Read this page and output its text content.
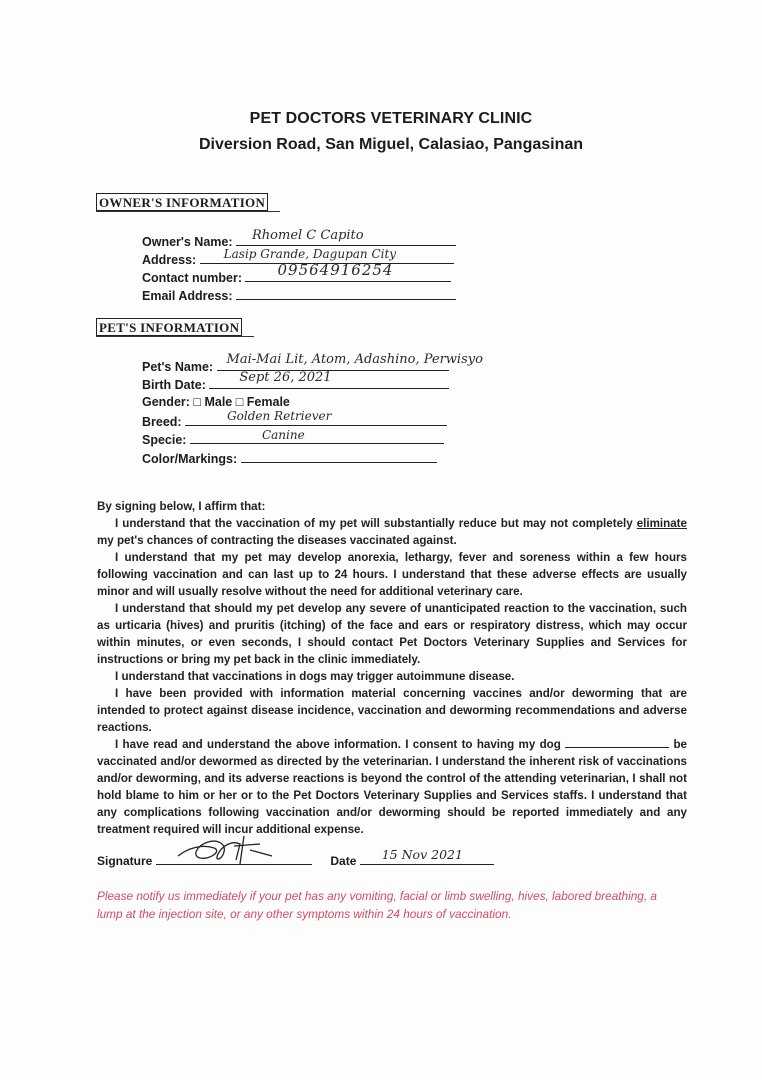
PET DOCTORS VETERINARY CLINIC
Diversion Road, San Miguel, Calasiao, Pangasinan
OWNER'S INFORMATION
Owner's Name: Rhomel C Capito
Address: Lasip Grande, Dagupan City
Contact number: 09564916254
Email Address:
PET'S INFORMATION
Pet's Name: Mai-Mai Lit, Atom, Adashino, Perwisyo
Birth Date:	Sept 26, 2021
Gender: □ Male □ Female
Breed:	Golden Retriever
Specie:	Canine
Color/Markings:

By signing below, I affirm that:

I understand that the vaccination of my pet will substantially reduce but may not completely eliminate my pet's chances of contracting the diseases vaccinated against.

I understand that my pet may develop anorexia, lethargy, fever and soreness within a few hours following vaccination and can last up to 24 hours. I understand that these adverse effects are usually minor and will usually resolve without the need for additional veterinary care.

I understand that should my pet develop any severe of unanticipated reaction to the vaccination, such as urticaria (hives) and pruritis (itching) of the face and ears or respiratory distress, which may occur within minutes, or even seconds, I should contact Pet Doctors Veterinary Supplies and Services for instructions or bring my pet back in the clinic immediately.

I understand that vaccinations in dogs may trigger autoimmune disease.

I have been provided with information material concerning vaccines and/or deworming that are intended to protect against disease incidence, vaccination and deworming recommendations and adverse reactions.

I have read and understand the above information. I consent to having my dog	be vaccinated and/or dewormed as directed by the veterinarian. I understand the inherent risk of vaccinations and/or deworming, and its adverse reactions is beyond the control of the attending veterinarian, I shall not hold blame to him or her or to the Pet Doctors Veterinary Supplies and Services staffs. I understand that any complications following vaccination and/or deworming should be reported immediately and any treatment required will incur additional expense.

Signature	Date 15 Nov 2021
Please notify us immediately if your pet has any vomiting, facial or limb swelling, hives, labored breathing, a lump at the injection site, or any other symptoms within 24 hours of vaccination.
